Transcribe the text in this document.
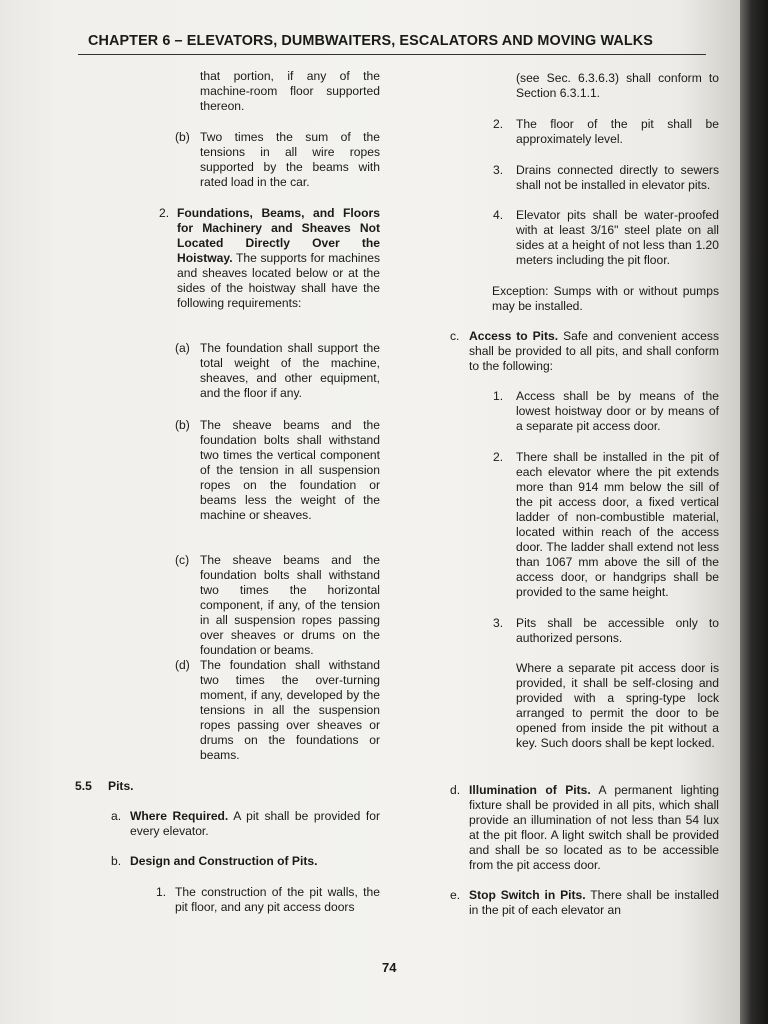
CHAPTER 6 – ELEVATORS, DUMBWAITERS, ESCALATORS AND MOVING WALKS
that portion, if any of the machine-room floor supported thereon.
(b) Two times the sum of the tensions in all wire ropes supported by the beams with rated load in the car.
2. Foundations, Beams, and Floors for Machinery and Sheaves Not Located Directly Over the Hoistway. The supports for machines and sheaves located below or at the sides of the hoistway shall have the following requirements:
(a) The foundation shall support the total weight of the machine, sheaves, and other equipment, and the floor if any.
(b) The sheave beams and the foundation bolts shall withstand two times the vertical component of the tension in all suspension ropes on the foundation or beams less the weight of the machine or sheaves.
(c) The sheave beams and the foundation bolts shall withstand two times the horizontal component, if any, of the tension in all suspension ropes passing over sheaves or drums on the foundation or beams.
(d) The foundation shall withstand two times the over-turning moment, if any, developed by the tensions in all the suspension ropes passing over sheaves or drums on the foundations or beams.
5.5 Pits.
a. Where Required. A pit shall be provided for every elevator.
b. Design and Construction of Pits.
1. The construction of the pit walls, the pit floor, and any pit access doors
(see Sec. 6.3.6.3) shall conform to Section 6.3.1.1.
2. The floor of the pit shall be approximately level.
3. Drains connected directly to sewers shall not be installed in elevator pits.
4. Elevator pits shall be water-proofed with at least 3/16" steel plate on all sides at a height of not less than 1.20 meters including the pit floor.
Exception: Sumps with or without pumps may be installed.
c. Access to Pits. Safe and convenient access shall be provided to all pits, and shall conform to the following:
1. Access shall be by means of the lowest hoistway door or by means of a separate pit access door.
2. There shall be installed in the pit of each elevator where the pit extends more than 914 mm below the sill of the pit access door, a fixed vertical ladder of non-combustible material, located within reach of the access door. The ladder shall extend not less than 1067 mm above the sill of the access door, or handgrips shall be provided to the same height.
3. Pits shall be accessible only to authorized persons.
Where a separate pit access door is provided, it shall be self-closing and provided with a spring-type lock arranged to permit the door to be opened from inside the pit without a key. Such doors shall be kept locked.
d. Illumination of Pits. A permanent lighting fixture shall be provided in all pits, which shall provide an illumination of not less than 54 lux at the pit floor. A light switch shall be provided and shall be so located as to be accessible from the pit access door.
e. Stop Switch in Pits. There shall be installed in the pit of each elevator an
74
